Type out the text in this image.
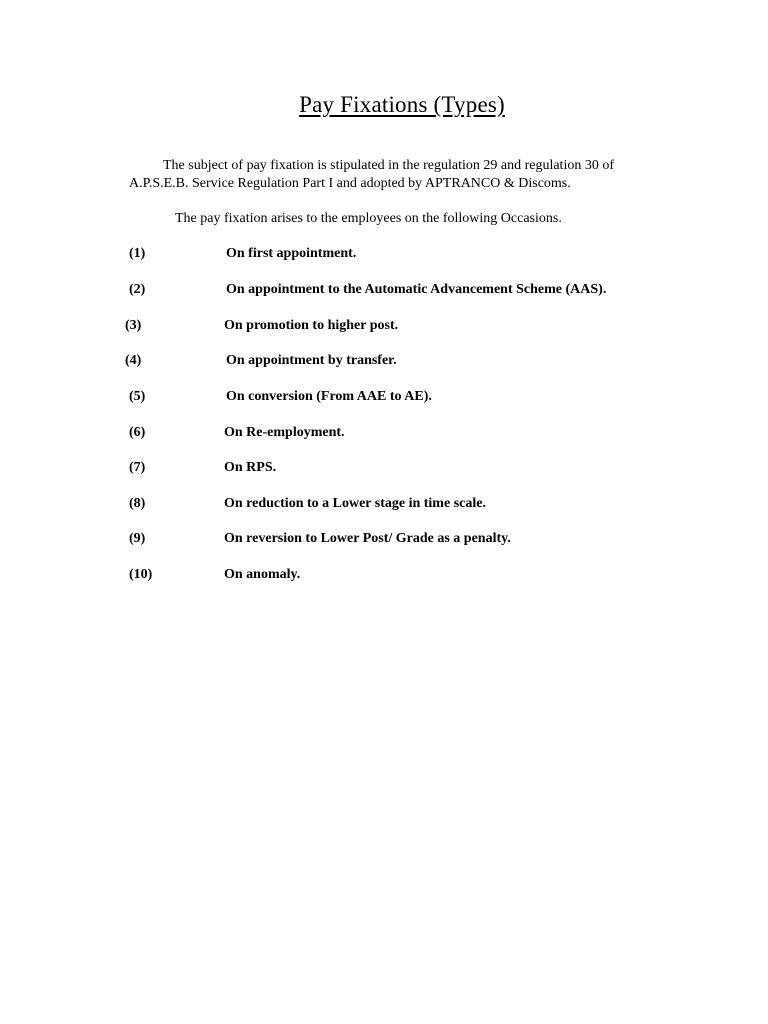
Pay Fixations (Types)

The subject of pay fixation is stipulated in the regulation 29 and regulation 30 of

A.P.S.E.B. Service Regulation Part I and adopted by APTRANCO & Discoms.

The pay fixation arises to the employees on the following Occasions.

(1)	On first appointment.
(2)	On appointment to the Automatic Advancement Scheme (AAS).
(3)	On promotion to higher post.
(4)	On appointment by transfer.
(5)	On conversion (From AAE to AE).
(6)	On Re-employment.
(7)	On RPS.
(8)	On reduction to a Lower stage in time scale.
(9)	On reversion to Lower Post/ Grade as a penalty.
(10)	On anomaly.
